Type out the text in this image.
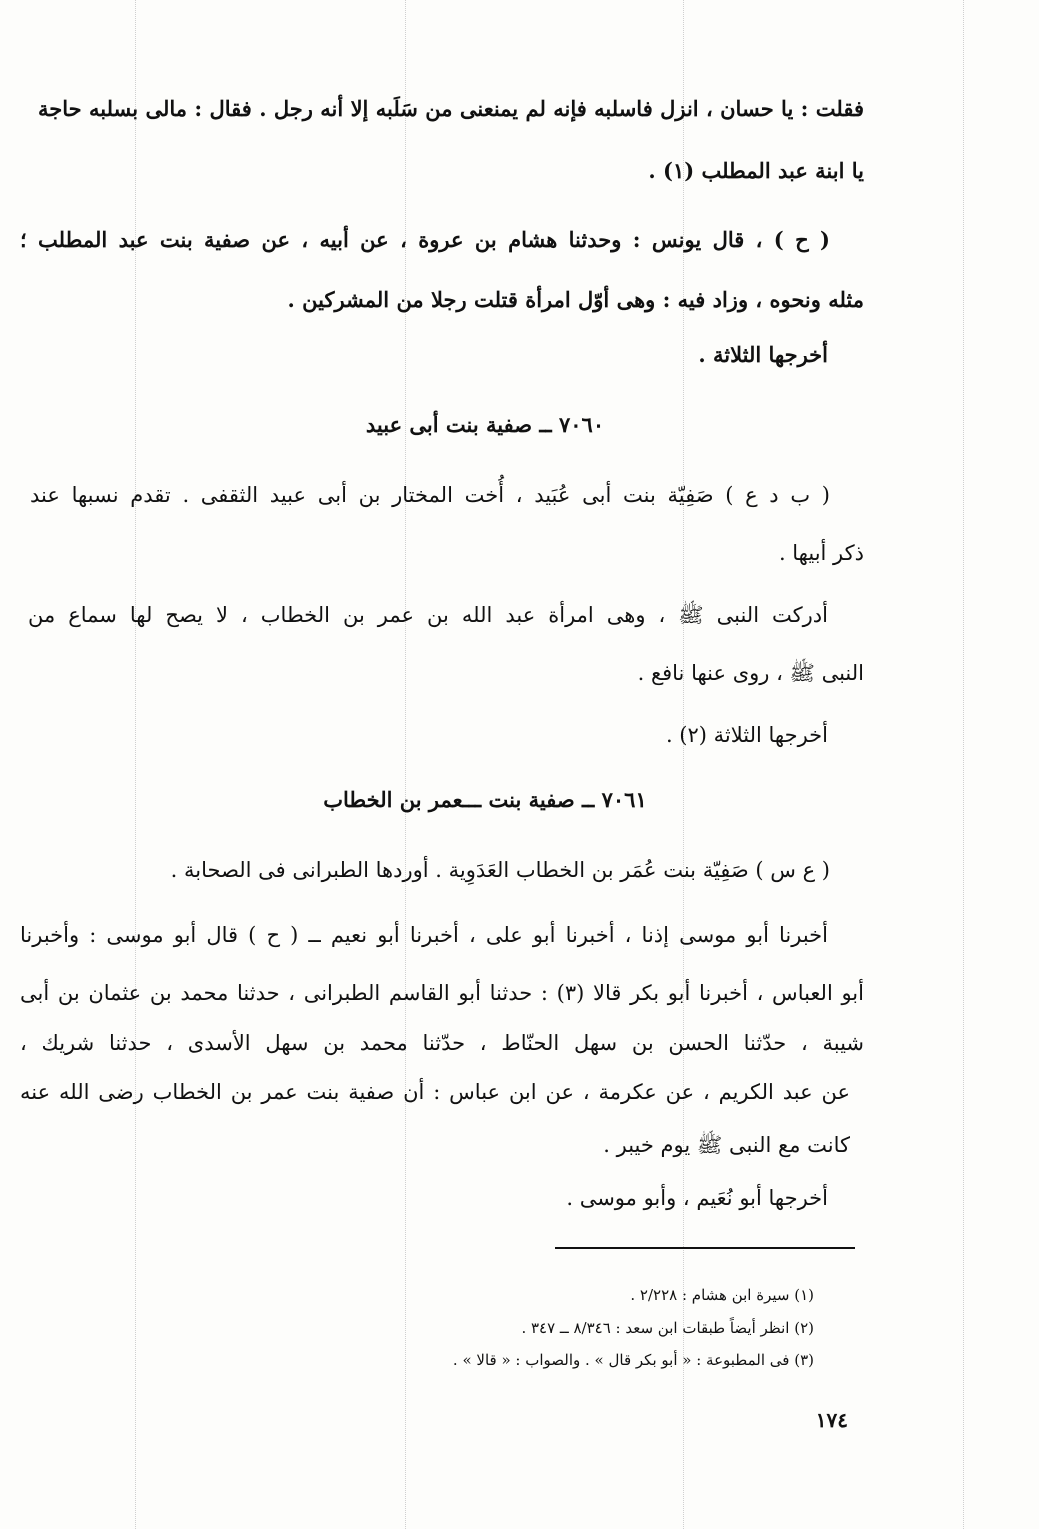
فقلت : يا حسان ، انزل فاسلبه فإنه لم يمنعنى من سَلَبه إلا أنه رجل . فقال : مالى بسلبه حاجة
يا ابنة عبد المطلب (١) .
( ح ) ، قال يونس : وحدثنا هشام بن عروة ، عن أبيه ، عن صفية بنت عبد المطلب ؛
مثله ونحوه ، وزاد فيه : وهى أوّل امرأة قتلت رجلا من المشركين .
أخرجها الثلاثة .
٧٠٦٠ ــ صفية بنت أبى عبيد
( ب د ع ) صَفِيّة بنت أبى عُبَيد ، أُخت المختار بن أبى عبيد الثقفى . تقدم نسبها عند
ذكر أبيها .
أدركت النبى ﷺ ، وهى امرأة عبد الله بن عمر بن الخطاب ، لا يصح لها سماع من
النبى ﷺ ، روى عنها نافع .
أخرجها الثلاثة (٢) .
٧٠٦١ ــ صفية بنت ـــعمر بن الخطاب
( ع س ) صَفِيّة بنت عُمَر بن الخطاب العَدَوِية . أوردها الطبرانى فى الصحابة .
أخبرنا أبو موسى إذنا ، أخبرنا أبو على ، أخبرنا أبو نعيم ــ ( ح ) قال أبو موسى : وأخبرنا
أبو العباس ، أخبرنا أبو بكر قالا (٣) : حدثنا أبو القاسم الطبرانى ، حدثنا محمد بن عثمان بن أبى
شيبة ، حدّثنا الحسن بن سهل الحنّاط ، حدّثنا محمد بن سهل الأسدى ، حدثنا شريك ،
عن عبد الكريم ، عن عكرمة ، عن ابن عباس : أن صفية بنت عمر بن الخطاب رضى الله عنه
كانت مع النبى ﷺ يوم خيبر .
أخرجها أبو نُعَيم ، وأبو موسى .
(١) سيرة ابن هشام : ٢/٢٢٨ .
(٢) انظر أيضاً طبقات ابن سعد : ٨/٣٤٦ ــ ٣٤٧ .
(٣) فى المطبوعة : « أبو بكر قال » . والصواب : « قالا » .
١٧٤
